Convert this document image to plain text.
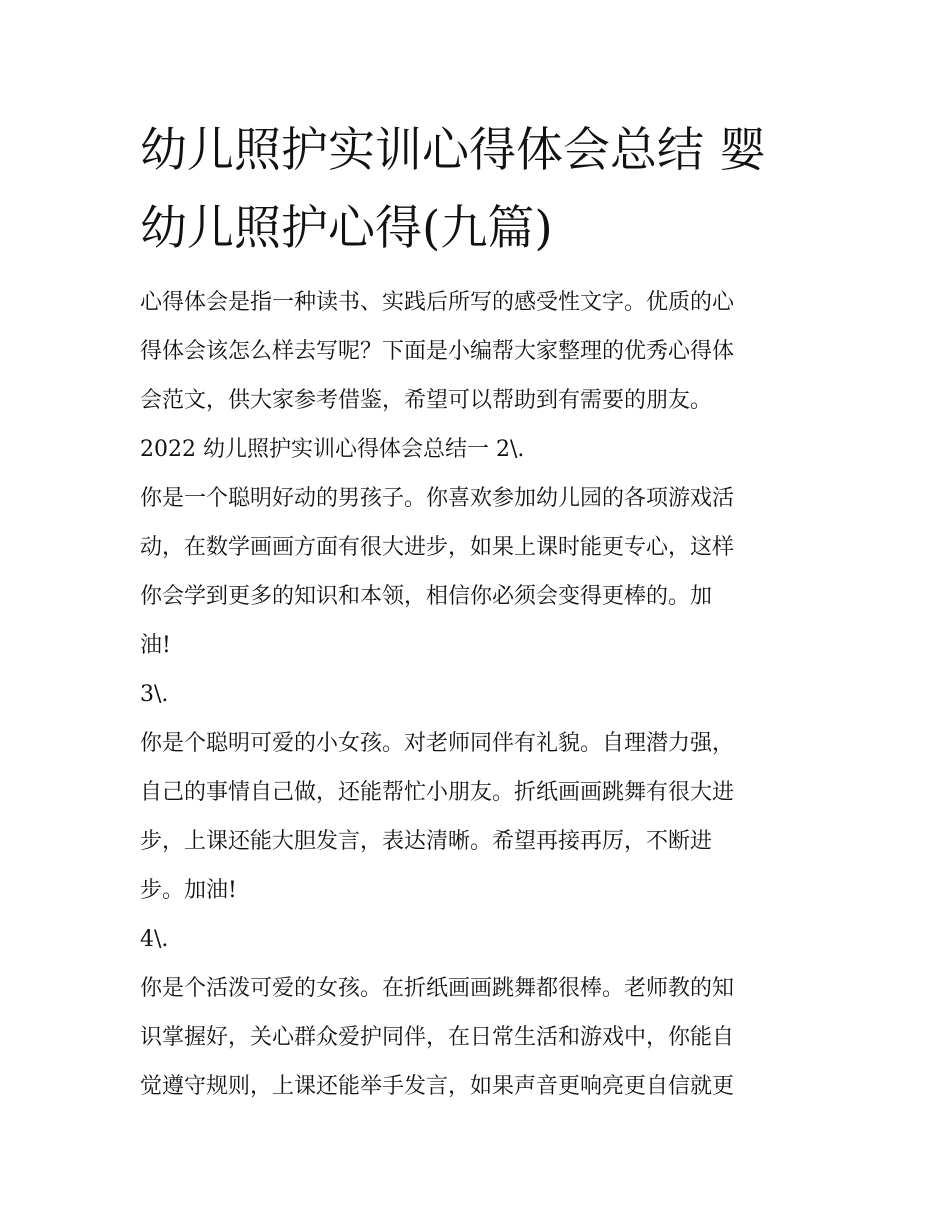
幼儿照护实训心得体会总结 婴
幼儿照护心得(九篇)

心得体会是指一种读书、实践后所写的感受性文字。优质的心
得体会该怎么样去写呢？下面是小编帮大家整理的优秀心得体
会范文，供大家参考借鉴，希望可以帮助到有需要的朋友。

2022 幼儿照护实训心得体会总结一 2\.

你是一个聪明好动的男孩子。你喜欢参加幼儿园的各项游戏活
动，在数学画画方面有很大进步，如果上课时能更专心，这样
你会学到更多的知识和本领，相信你必须会变得更棒的。加
油!

3\.

你是个聪明可爱的小女孩。对老师同伴有礼貌。自理潜力强，
自己的事情自己做，还能帮忙小朋友。折纸画画跳舞有很大进
步，上课还能大胆发言，表达清晰。希望再接再厉，不断进
步。加油!

4\.

你是个活泼可爱的女孩。在折纸画画跳舞都很棒。老师教的知
识掌握好，关心群众爱护同伴，在日常生活和游戏中，你能自
觉遵守规则，上课还能举手发言，如果声音更响亮更自信就更
